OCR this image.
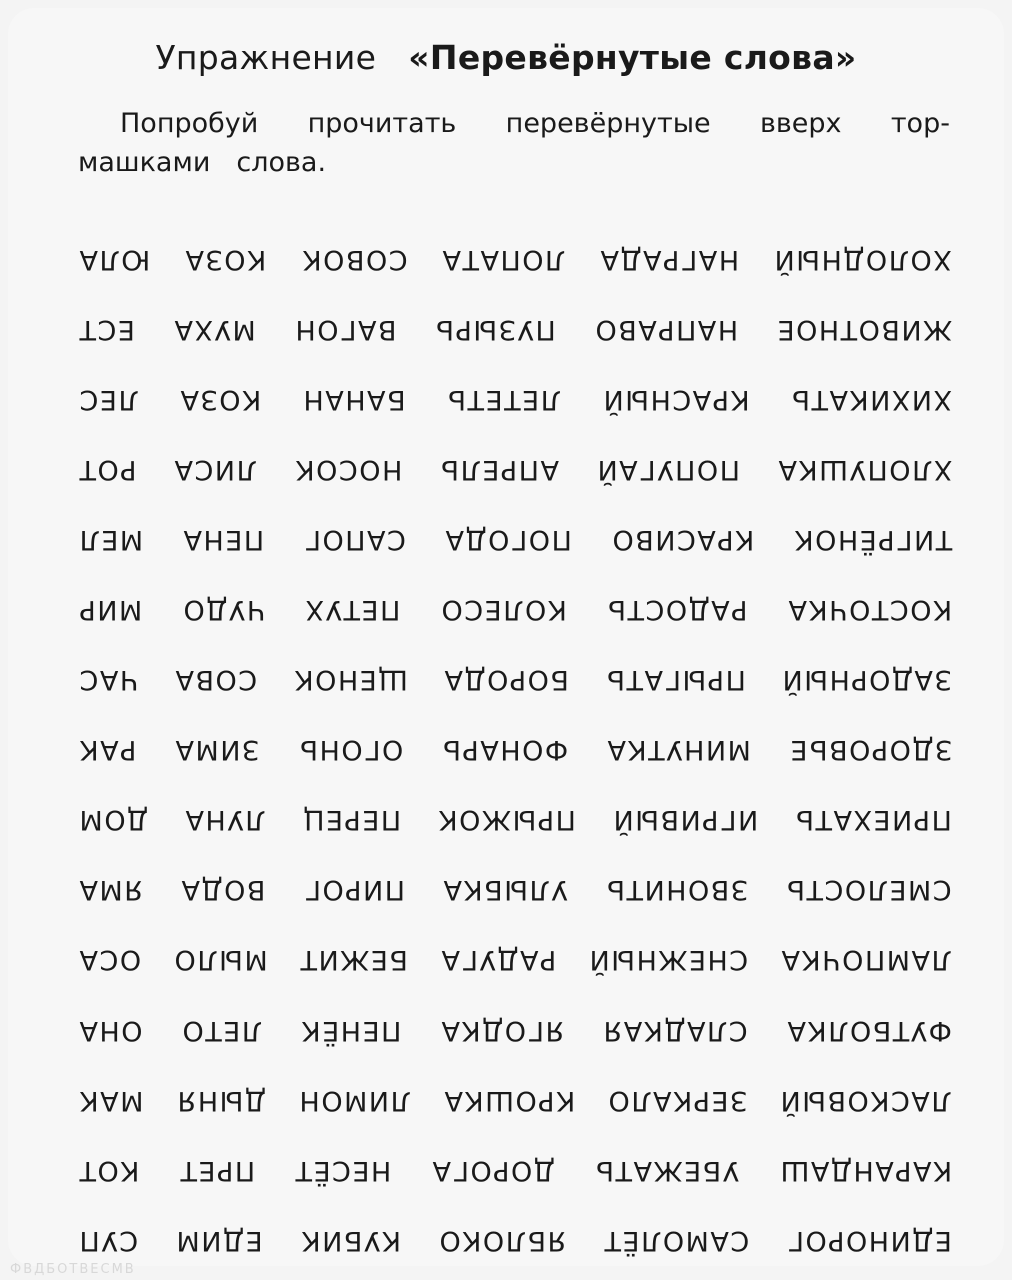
Упражнение «Перевёрнутые слова»
Попробуй прочитать перевёрнутые вверх тор-
машками слова.
ЮЛА КОЗА СОВОК ЛОПАТА НАГРАДА ХОЛОДНЫЙ
ЕСТ МУХА ВАГОН ПУЗЫРЬ НАПРАВО ЖИВОТНОЕ
ЛЕС КОЗА БАНАН ЛЕТЕТЬ КРАСНЫЙ ХИХИКАТЬ
РОТ ЛИСА НОСОК АПРЕЛЬ ПОПУГАЙ ХЛОПУШКА
МЕЛ ПЕНА САПОГ ПОГОДА КРАСИВО ТИГРЁНОК
МИР ЧУДО ПЕТУХ КОЛЕСО РАДОСТЬ КОСТОЧКА
ЧАС СОВА ЩЕНОК БОРОДА ПРЫГАТЬ ЗАДОРНЫЙ
РАК ЗИМА ОГОНЬ ФОНАРЬ МИНУТКА ЗДОРОВЬЕ
ДОМ ЛУНА ПЕРЕЦ ПРЫЖОК ИГРИВЫЙ ПРИЕХАТЬ
ЯМА ВОДА ПИРОГ УЛЫБКА ЗВОНИТЬ СМЕЛОСТЬ
ОСА МЫЛО БЕЖИТ РАДУГА СНЕЖНЫЙ ЛАМПОЧКА
ОНА ЛЕТО ПЕНЁК ЯГОДКА СЛАДКАЯ ФУТБОЛКА
МАК ДЫНЯ ЛИМОН КРОШКА ЗЕРКАЛО ЛАСКОВЫЙ
КОТ ПРЕТ НЕСЁТ ДОРОГА УБЕЖАТЬ КАРАНДАШ
СУП ЕДИМ КУБИК ЯБЛОКО САМОЛЁТ ЕДИНОРОГ
ФВДБОТВЕСМВ
